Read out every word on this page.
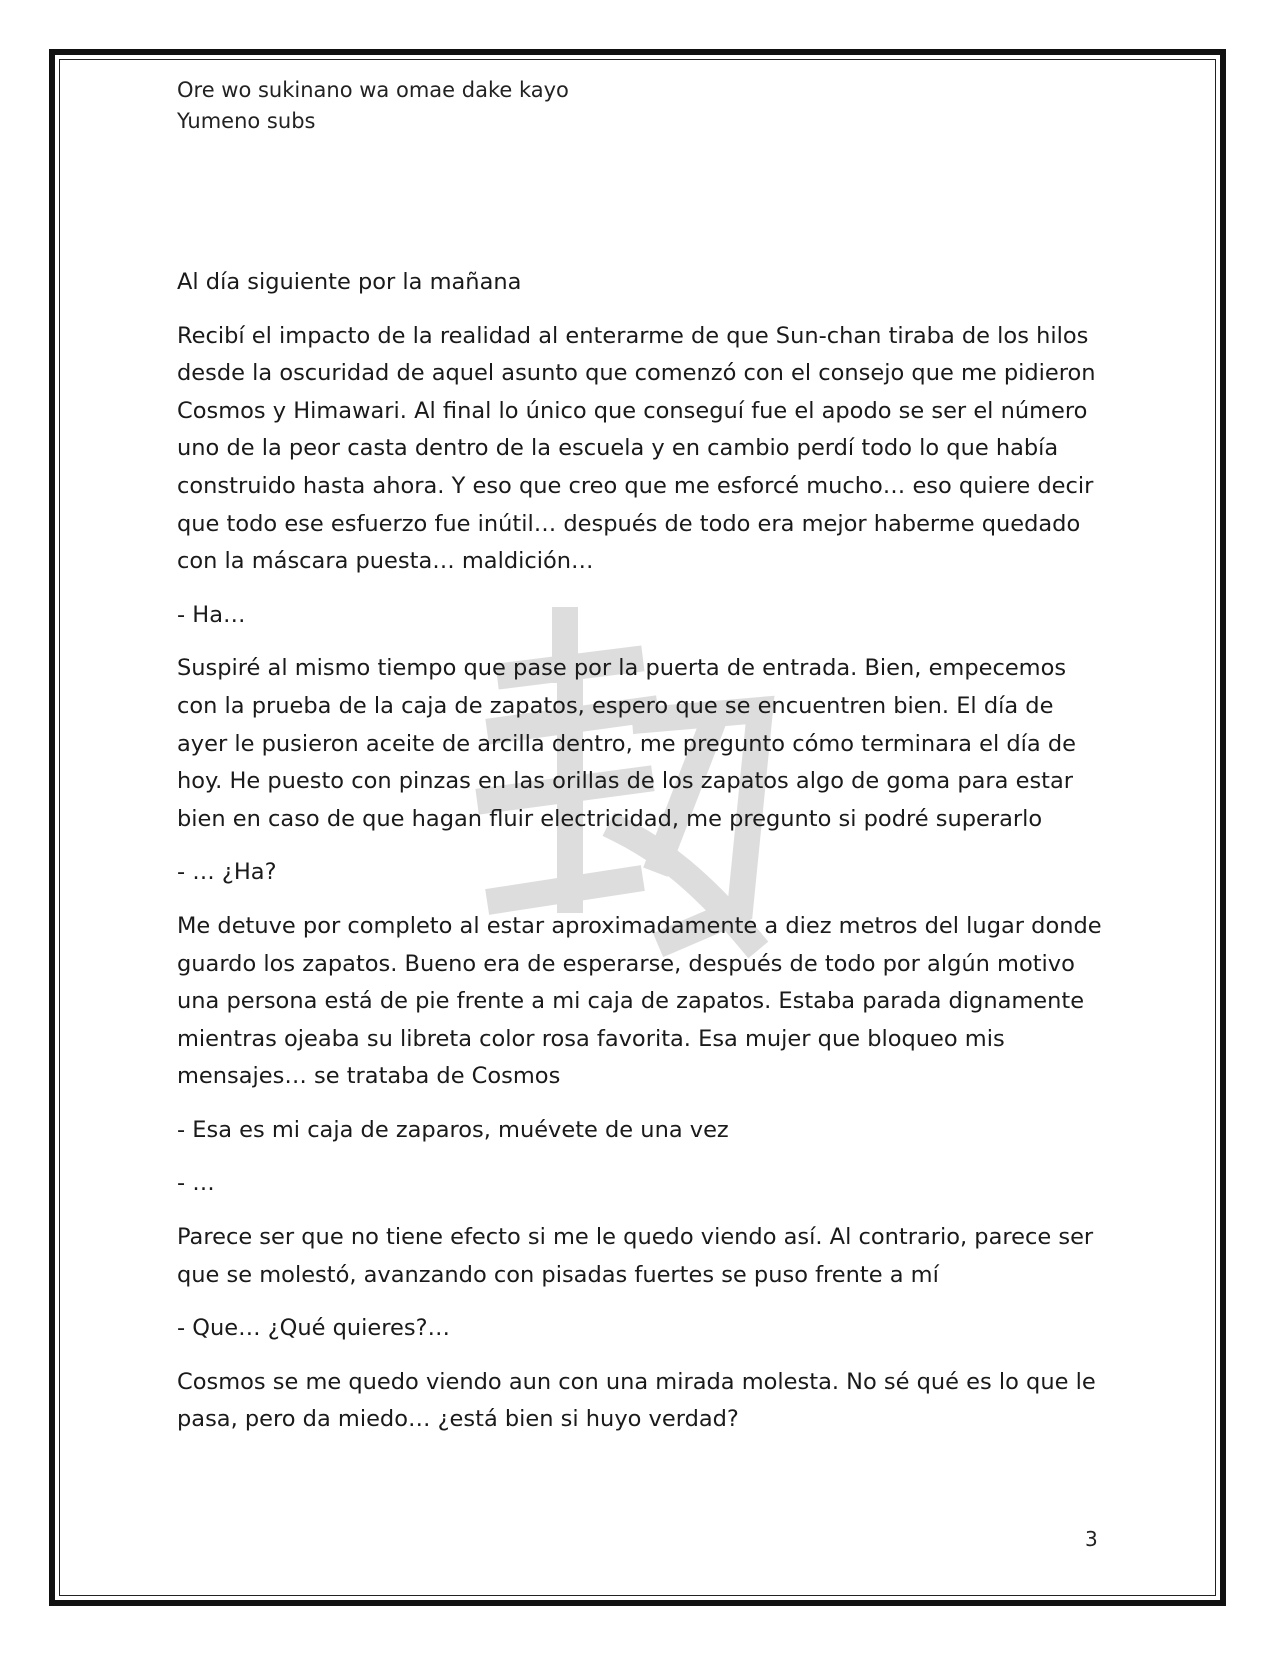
Ore wo sukinano wa omae dake kayo
Yumeno subs

Al día siguiente por la mañana

Recibí el impacto de la realidad al enterarme de que Sun-chan tiraba de los hilos desde la oscuridad de aquel asunto que comenzó con el consejo que me pidieron Cosmos y Himawari. Al final lo único que conseguí fue el apodo se ser el número uno de la peor casta dentro de la escuela y en cambio perdí todo lo que había construido hasta ahora. Y eso que creo que me esforcé mucho… eso quiere decir que todo ese esfuerzo fue inútil… después de todo era mejor haberme quedado con la máscara puesta… maldición…

- Ha…

Suspiré al mismo tiempo que pase por la puerta de entrada. Bien, empecemos con la prueba de la caja de zapatos, espero que se encuentren bien. El día de ayer le pusieron aceite de arcilla dentro, me pregunto cómo terminara el día de hoy. He puesto con pinzas en las orillas de los zapatos algo de goma para estar bien en caso de que hagan fluir electricidad, me pregunto si podré superarlo

- … ¿Ha?

Me detuve por completo al estar aproximadamente a diez metros del lugar donde guardo los zapatos. Bueno era de esperarse, después de todo por algún motivo una persona está de pie frente a mi caja de zapatos. Estaba parada dignamente mientras ojeaba su libreta color rosa favorita. Esa mujer que bloqueo mis mensajes… se trataba de Cosmos

- Esa es mi caja de zaparos, muévete de una vez

- …

Parece ser que no tiene efecto si me le quedo viendo así. Al contrario, parece ser que se molestó, avanzando con pisadas fuertes se puso frente a mí

- Que… ¿Qué quieres?…

Cosmos se me quedo viendo aun con una mirada molesta. No sé qué es lo que le pasa, pero da miedo… ¿está bien si huyo verdad?

3
